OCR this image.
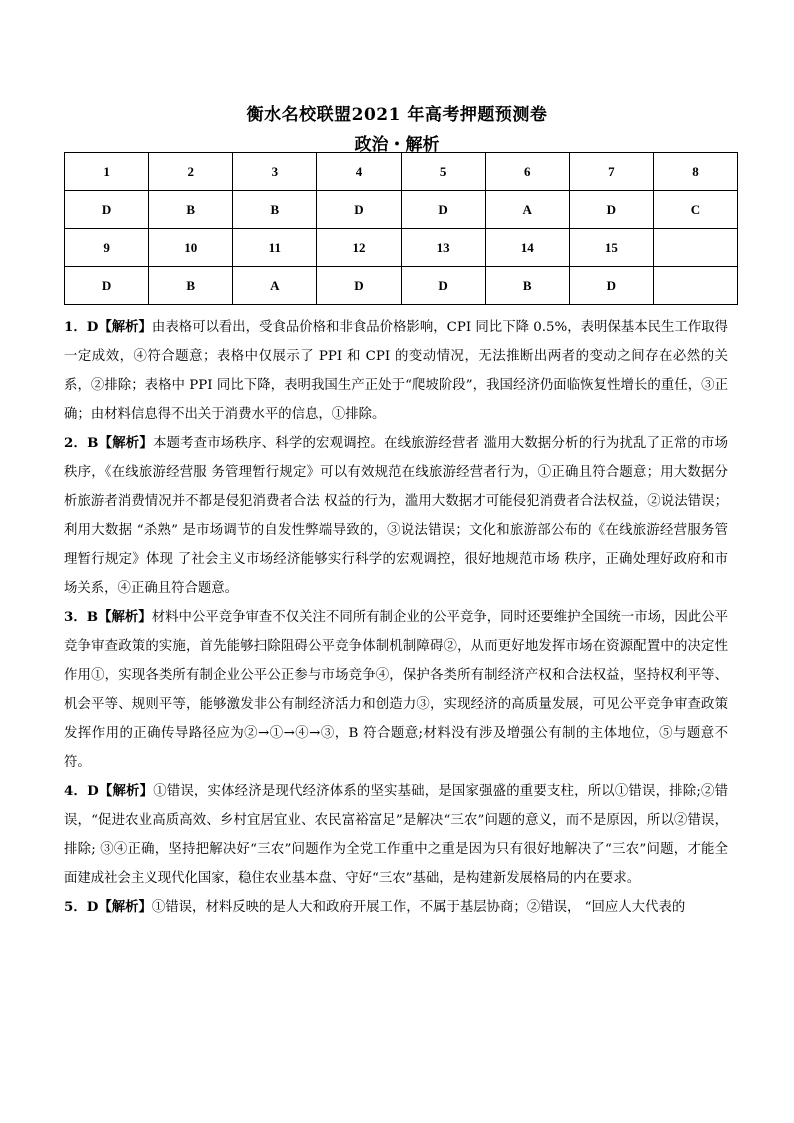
衡水名校联盟2021 年高考押题预测卷
政治・解析
1	2	3	4	5	6	7	8
D	B	B	D	D	A	D	C
9	10	11	12	13	14	15	
D	B	A	D	D	B	D	

1．D【解析】由表格可以看出，受食品价格和非食品价格影响，CPI 同比下降 0.5%，表明保基本民生工作取得一定成效，④符合题意；表格中仅展示了 PPI 和 CPI 的变动情况，无法推断出两者的变动之间存在必然的关系，②排除；表格中 PPI 同比下降，表明我国生产正处于“爬坡阶段”，我国经济仍面临恢复性增长的重任，③正确；由材料信息得不出关于消费水平的信息，①排除。

2．B【解析】本题考查市场秩序、科学的宏观调控。在线旅游经营者 滥用大数据分析的行为扰乱了正常的市场秩序，《在线旅游经营服 务管理暂行规定》可以有效规范在线旅游经营者行为，①正确且符合题意；用大数据分析旅游者消费情况并不都是侵犯消费者合法 权益的行为，滥用大数据才可能侵犯消费者合法权益，②说法错误；利用大数据 “杀熟” 是市场调节的自发性弊端导致的，③说法错误；文化和旅游部公布的《在线旅游经营服务管理暂行规定》体现 了社会主义市场经济能够实行科学的宏观调控，很好地规范市场 秩序，正确处理好政府和市场关系，④正确且符合题意。

3．B【解析】材料中公平竞争审查不仅关注不同所有制企业的公平竞争，同时还要维护全国统一市场，因此公平竞争审查政策的实施，首先能够扫除阻碍公平竞争体制机制障碍②，从而更好地发挥市场在资源配置中的决定性作用①，实现各类所有制企业公平公正参与市场竞争④，保护各类所有制经济产权和合法权益，坚持权利平等、机会平等、规则平等，能够激发非公有制经济活力和创造力③，实现经济的高质量发展，可见公平竞争审查政策发挥作用的正确传导路径应为②→①→④→③，B 符合题意;材料没有涉及增强公有制的主体地位，⑤与题意不符。

4．D【解析】①错误，实体经济是现代经济体系的坚实基础，是国家强盛的重要支柱，所以①错误，排除;②错误，“促进农业高质高效、乡村宜居宜业、农民富裕富足”是解决“三农”问题的意义，而不是原因，所以②错误，排除; ③④正确，坚持把解决好“三农”问题作为全党工作重中之重是因为只有很好地解决了“三农”问题，才能全面建成社会主义现代化国家，稳住农业基本盘、守好“三农”基础，是构建新发展格局的内在要求。

5．D【解析】①错误，材料反映的是人大和政府开展工作，不属于基层协商；②错误， “回应人大代表的
